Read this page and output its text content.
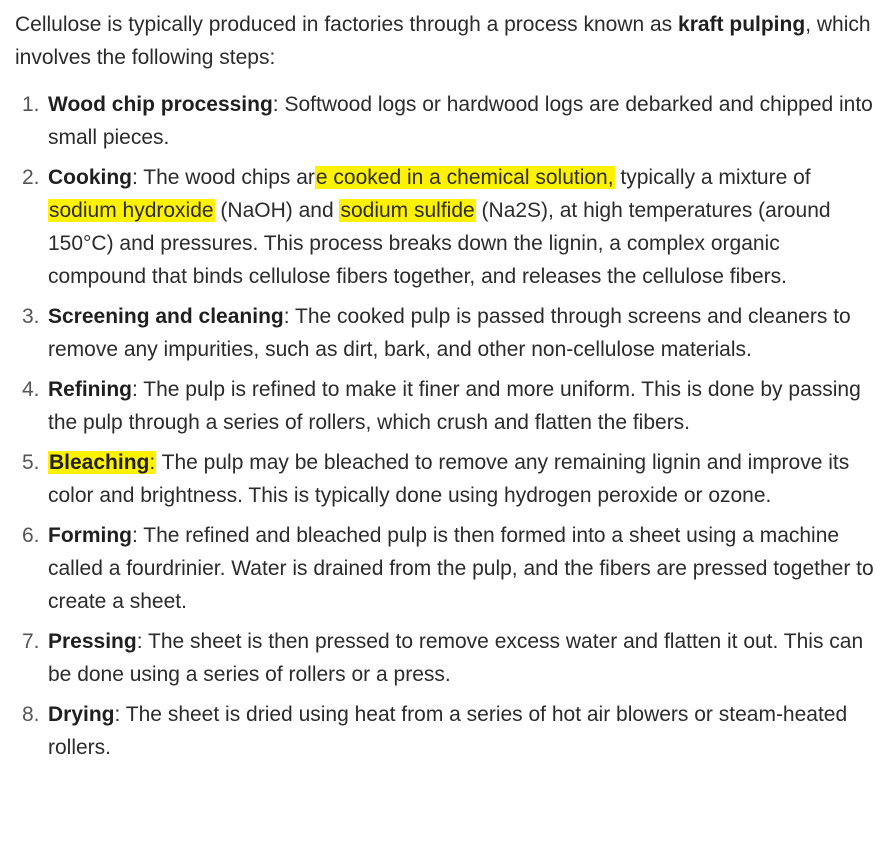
Cellulose is typically produced in factories through a process known as kraft pulping, which involves the following steps:

1. Wood chip processing: Softwood logs or hardwood logs are debarked and chipped into small pieces.
2. Cooking: The wood chips are cooked in a chemical solution, typically a mixture of sodium hydroxide (NaOH) and sodium sulfide (Na2S), at high temperatures (around 150°C) and pressures. This process breaks down the lignin, a complex organic compound that binds cellulose fibers together, and releases the cellulose fibers.
3. Screening and cleaning: The cooked pulp is passed through screens and cleaners to remove any impurities, such as dirt, bark, and other non-cellulose materials.
4. Refining: The pulp is refined to make it finer and more uniform. This is done by passing the pulp through a series of rollers, which crush and flatten the fibers.
5. Bleaching: The pulp may be bleached to remove any remaining lignin and improve its color and brightness. This is typically done using hydrogen peroxide or ozone.
6. Forming: The refined and bleached pulp is then formed into a sheet using a machine called a fourdrinier. Water is drained from the pulp, and the fibers are pressed together to create a sheet.
7. Pressing: The sheet is then pressed to remove excess water and flatten it out. This can be done using a series of rollers or a press.
8. Drying: The sheet is dried using heat from a series of hot air blowers or steam-heated rollers.
